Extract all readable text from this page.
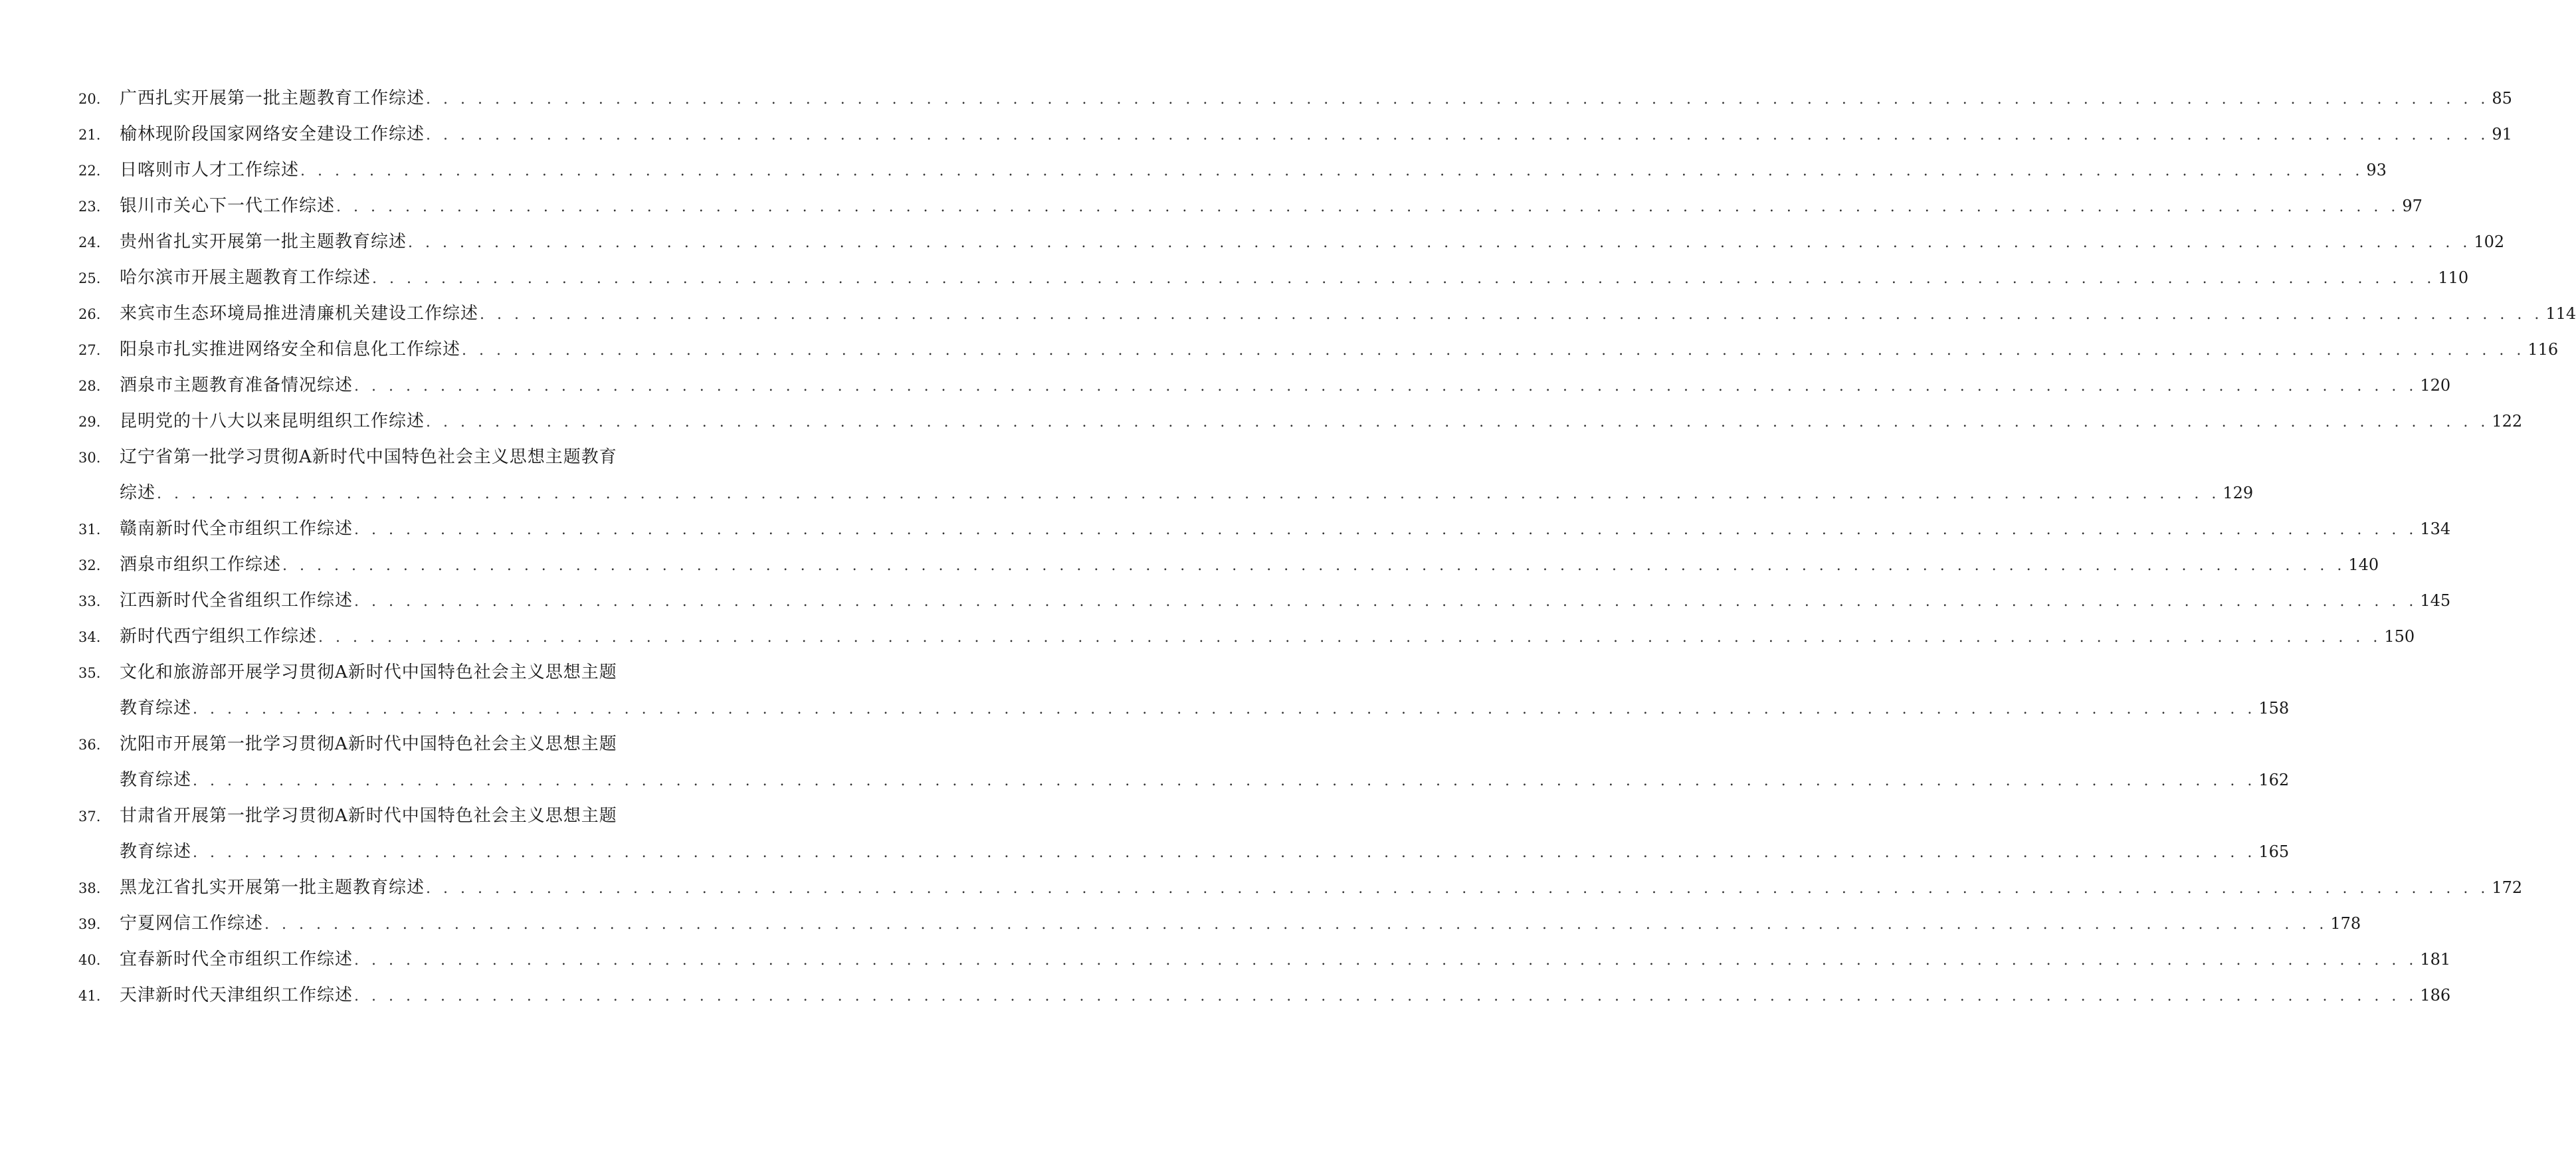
20.	广西扎实开展第一批主题教育工作综述 . . . . . . . . . . . . . . . . . . . . . . . . . . . . . . . . . . . . . . . . . . . . . . . . . . . . . . . . . . . . . . . . . . . . . . . . . . . . . . . . . . . . . . . . . . . . . . . . . . . . . . . . . . . . . . . . . . . . . . . . 85
21.	榆林现阶段国家网络安全建设工作综述 . . . . . . . . . . . . . . . . . . . . . . . . . . . . . . . . . . . . . . . . . . . . . . . . . . . . . . . . . . . . . . . . . . . . . . . . . . . . . . . . . . . . . . . . . . . . . . . . . . . . . . . . . . . . . . . . . . . . . . . . 91
22.	日喀则市人才工作综述 . . . . . . . . . . . . . . . . . . . . . . . . . . . . . . . . . . . . . . . . . . . . . . . . . . . . . . . . . . . . . . . . . . . . . . . . . . . . . . . . . . . . . . . . . . . . . . . . . . . . . . . . . . . . . . . . . . . . . . . . 93
23.	银川市关心下一代工作综述 . . . . . . . . . . . . . . . . . . . . . . . . . . . . . . . . . . . . . . . . . . . . . . . . . . . . . . . . . . . . . . . . . . . . . . . . . . . . . . . . . . . . . . . . . . . . . . . . . . . . . . . . . . . . . . . . . . . . . . . . 97
24.	贵州省扎实开展第一批主题教育综述 . . . . . . . . . . . . . . . . . . . . . . . . . . . . . . . . . . . . . . . . . . . . . . . . . . . . . . . . . . . . . . . . . . . . . . . . . . . . . . . . . . . . . . . . . . . . . . . . . . . . . . . . . . . . . . . . . . . . . . . . 102
25.	哈尔滨市开展主题教育工作综述 . . . . . . . . . . . . . . . . . . . . . . . . . . . . . . . . . . . . . . . . . . . . . . . . . . . . . . . . . . . . . . . . . . . . . . . . . . . . . . . . . . . . . . . . . . . . . . . . . . . . . . . . . . . . . . . . . . . . . . . . 110
26.	来宾市生态环境局推进清廉机关建设工作综述 . . . . . . . . . . . . . . . . . . . . . . . . . . . . . . . . . . . . . . . . . . . . . . . . . . . . . . . . . . . . . . . . . . . . . . . . . . . . . . . . . . . . . . . . . . . . . . . . . . . . . . . . . . . . . . . . . . . . . . . . 114
27.	阳泉市扎实推进网络安全和信息化工作综述 . . . . . . . . . . . . . . . . . . . . . . . . . . . . . . . . . . . . . . . . . . . . . . . . . . . . . . . . . . . . . . . . . . . . . . . . . . . . . . . . . . . . . . . . . . . . . . . . . . . . . . . . . . . . . . . . . . . . . . . . 116
28.	酒泉市主题教育准备情况综述 . . . . . . . . . . . . . . . . . . . . . . . . . . . . . . . . . . . . . . . . . . . . . . . . . . . . . . . . . . . . . . . . . . . . . . . . . . . . . . . . . . . . . . . . . . . . . . . . . . . . . . . . . . . . . . . . . . . . . . . . 120
29.	昆明党的十八大以来昆明组织工作综述 . . . . . . . . . . . . . . . . . . . . . . . . . . . . . . . . . . . . . . . . . . . . . . . . . . . . . . . . . . . . . . . . . . . . . . . . . . . . . . . . . . . . . . . . . . . . . . . . . . . . . . . . . . . . . . . . . . . . . . . . 122
30.	辽宁省第一批学习贯彻A新时代中国特色社会主义思想主题教育
综述 . . . . . . . . . . . . . . . . . . . . . . . . . . . . . . . . . . . . . . . . . . . . . . . . . . . . . . . . . . . . . . . . . . . . . . . . . . . . . . . . . . . . . . . . . . . . . . . . . . . . . . . . . . . . . . . . . . . . . . . . 129
31.	赣南新时代全市组织工作综述 . . . . . . . . . . . . . . . . . . . . . . . . . . . . . . . . . . . . . . . . . . . . . . . . . . . . . . . . . . . . . . . . . . . . . . . . . . . . . . . . . . . . . . . . . . . . . . . . . . . . . . . . . . . . . . . . . . . . . . . . 134
32.	酒泉市组织工作综述 . . . . . . . . . . . . . . . . . . . . . . . . . . . . . . . . . . . . . . . . . . . . . . . . . . . . . . . . . . . . . . . . . . . . . . . . . . . . . . . . . . . . . . . . . . . . . . . . . . . . . . . . . . . . . . . . . . . . . . . . 140
33.	江西新时代全省组织工作综述 . . . . . . . . . . . . . . . . . . . . . . . . . . . . . . . . . . . . . . . . . . . . . . . . . . . . . . . . . . . . . . . . . . . . . . . . . . . . . . . . . . . . . . . . . . . . . . . . . . . . . . . . . . . . . . . . . . . . . . . . 145
34.	新时代西宁组织工作综述 . . . . . . . . . . . . . . . . . . . . . . . . . . . . . . . . . . . . . . . . . . . . . . . . . . . . . . . . . . . . . . . . . . . . . . . . . . . . . . . . . . . . . . . . . . . . . . . . . . . . . . . . . . . . . . . . . . . . . . . . 150
35.	文化和旅游部开展学习贯彻A新时代中国特色社会主义思想主题
教育综述 . . . . . . . . . . . . . . . . . . . . . . . . . . . . . . . . . . . . . . . . . . . . . . . . . . . . . . . . . . . . . . . . . . . . . . . . . . . . . . . . . . . . . . . . . . . . . . . . . . . . . . . . . . . . . . . . . . . . . . . . 158
36.	沈阳市开展第一批学习贯彻A新时代中国特色社会主义思想主题
教育综述 . . . . . . . . . . . . . . . . . . . . . . . . . . . . . . . . . . . . . . . . . . . . . . . . . . . . . . . . . . . . . . . . . . . . . . . . . . . . . . . . . . . . . . . . . . . . . . . . . . . . . . . . . . . . . . . . . . . . . . . . 162
37.	甘肃省开展第一批学习贯彻A新时代中国特色社会主义思想主题
教育综述 . . . . . . . . . . . . . . . . . . . . . . . . . . . . . . . . . . . . . . . . . . . . . . . . . . . . . . . . . . . . . . . . . . . . . . . . . . . . . . . . . . . . . . . . . . . . . . . . . . . . . . . . . . . . . . . . . . . . . . . . 165
38.	黑龙江省扎实开展第一批主题教育综述 . . . . . . . . . . . . . . . . . . . . . . . . . . . . . . . . . . . . . . . . . . . . . . . . . . . . . . . . . . . . . . . . . . . . . . . . . . . . . . . . . . . . . . . . . . . . . . . . . . . . . . . . . . . . . . . . . . . . . . . . 172
39.	宁夏网信工作综述 . . . . . . . . . . . . . . . . . . . . . . . . . . . . . . . . . . . . . . . . . . . . . . . . . . . . . . . . . . . . . . . . . . . . . . . . . . . . . . . . . . . . . . . . . . . . . . . . . . . . . . . . . . . . . . . . . . . . . . . . 178
40.	宜春新时代全市组织工作综述 . . . . . . . . . . . . . . . . . . . . . . . . . . . . . . . . . . . . . . . . . . . . . . . . . . . . . . . . . . . . . . . . . . . . . . . . . . . . . . . . . . . . . . . . . . . . . . . . . . . . . . . . . . . . . . . . . . . . . . . . 181
41.	天津新时代天津组织工作综述 . . . . . . . . . . . . . . . . . . . . . . . . . . . . . . . . . . . . . . . . . . . . . . . . . . . . . . . . . . . . . . . . . . . . . . . . . . . . . . . . . . . . . . . . . . . . . . . . . . . . . . . . . . . . . . . . . . . . . . . . 186
